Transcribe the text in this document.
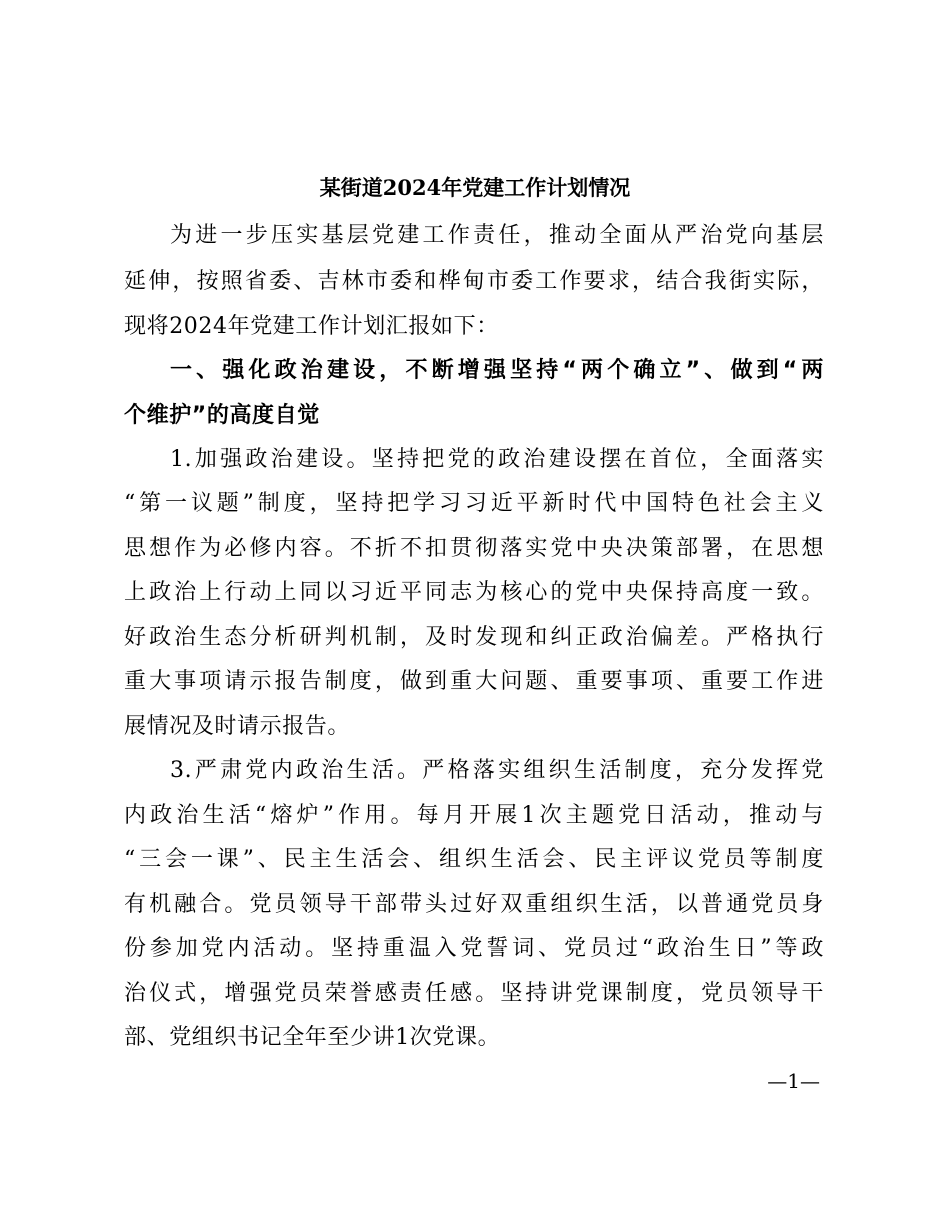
某街道2024年党建工作计划情况
为进一步压实基层党建工作责任，推动全面从严治党向基层
延伸，按照省委、吉林市委和桦甸市委工作要求，结合我街实际，
现将2024年党建工作计划汇报如下：
一、强化政治建设，不断增强坚持“两个确立”、做到“两
个维护”的高度自觉
1.加强政治建设。坚持把党的政治建设摆在首位，全面落实
“第一议题”制度，坚持把学习习近平新时代中国特色社会主义
思想作为必修内容。不折不扣贯彻落实党中央决策部署，在思想
上政治上行动上同以习近平同志为核心的党中央保持高度一致。
好政治生态分析研判机制，及时发现和纠正政治偏差。严格执行
重大事项请示报告制度，做到重大问题、重要事项、重要工作进
展情况及时请示报告。
3.严肃党内政治生活。严格落实组织生活制度，充分发挥党
内政治生活“熔炉”作用。每月开展1次主题党日活动，推动与
“三会一课”、民主生活会、组织生活会、民主评议党员等制度
有机融合。党员领导干部带头过好双重组织生活，以普通党员身
份参加党内活动。坚持重温入党誓词、党员过“政治生日”等政
治仪式，增强党员荣誉感责任感。坚持讲党课制度，党员领导干
部、党组织书记全年至少讲1次党课。
—1—
